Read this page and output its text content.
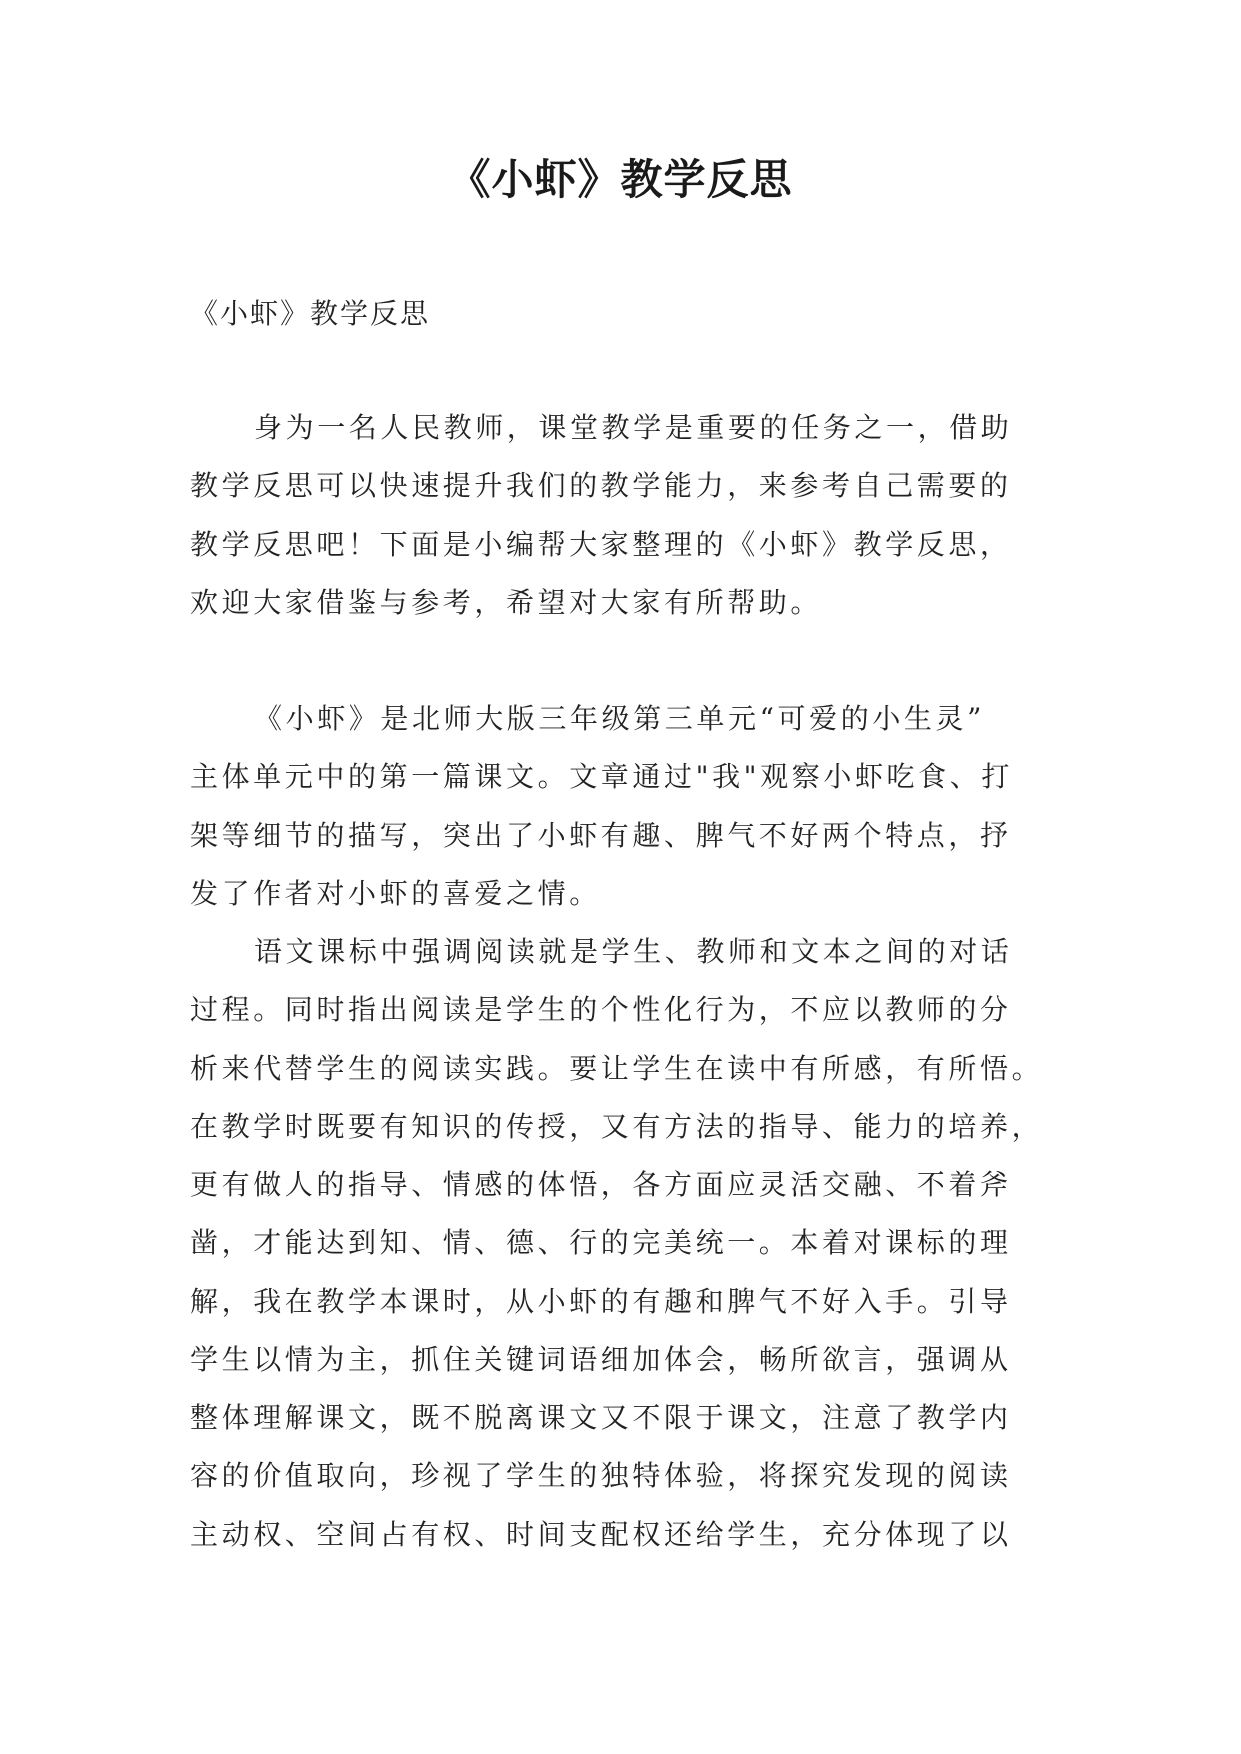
《小虾》教学反思

《小虾》教学反思

身为一名人民教师，课堂教学是重要的任务之一，借助

教学反思可以快速提升我们的教学能力，来参考自己需要的

教学反思吧！下面是小编帮大家整理的《小虾》教学反思，

欢迎大家借鉴与参考，希望对大家有所帮助。

《小虾》是北师大版三年级第三单元“可爱的小生灵”

主体单元中的第一篇课文。文章通过"我"观察小虾吃食、打

架等细节的描写，突出了小虾有趣、脾气不好两个特点，抒

发了作者对小虾的喜爱之情。

语文课标中强调阅读就是学生、教师和文本之间的对话

过程。同时指出阅读是学生的个性化行为，不应以教师的分

析来代替学生的阅读实践。要让学生在读中有所感，有所悟。

在教学时既要有知识的传授，又有方法的指导、能力的培养，

更有做人的指导、情感的体悟，各方面应灵活交融、不着斧

凿，才能达到知、情、德、行的完美统一。本着对课标的理

解，我在教学本课时，从小虾的有趣和脾气不好入手。引导

学生以情为主，抓住关键词语细加体会，畅所欲言，强调从

整体理解课文，既不脱离课文又不限于课文，注意了教学内

容的价值取向，珍视了学生的独特体验，将探究发现的阅读

主动权、空间占有权、时间支配权还给学生，充分体现了以
